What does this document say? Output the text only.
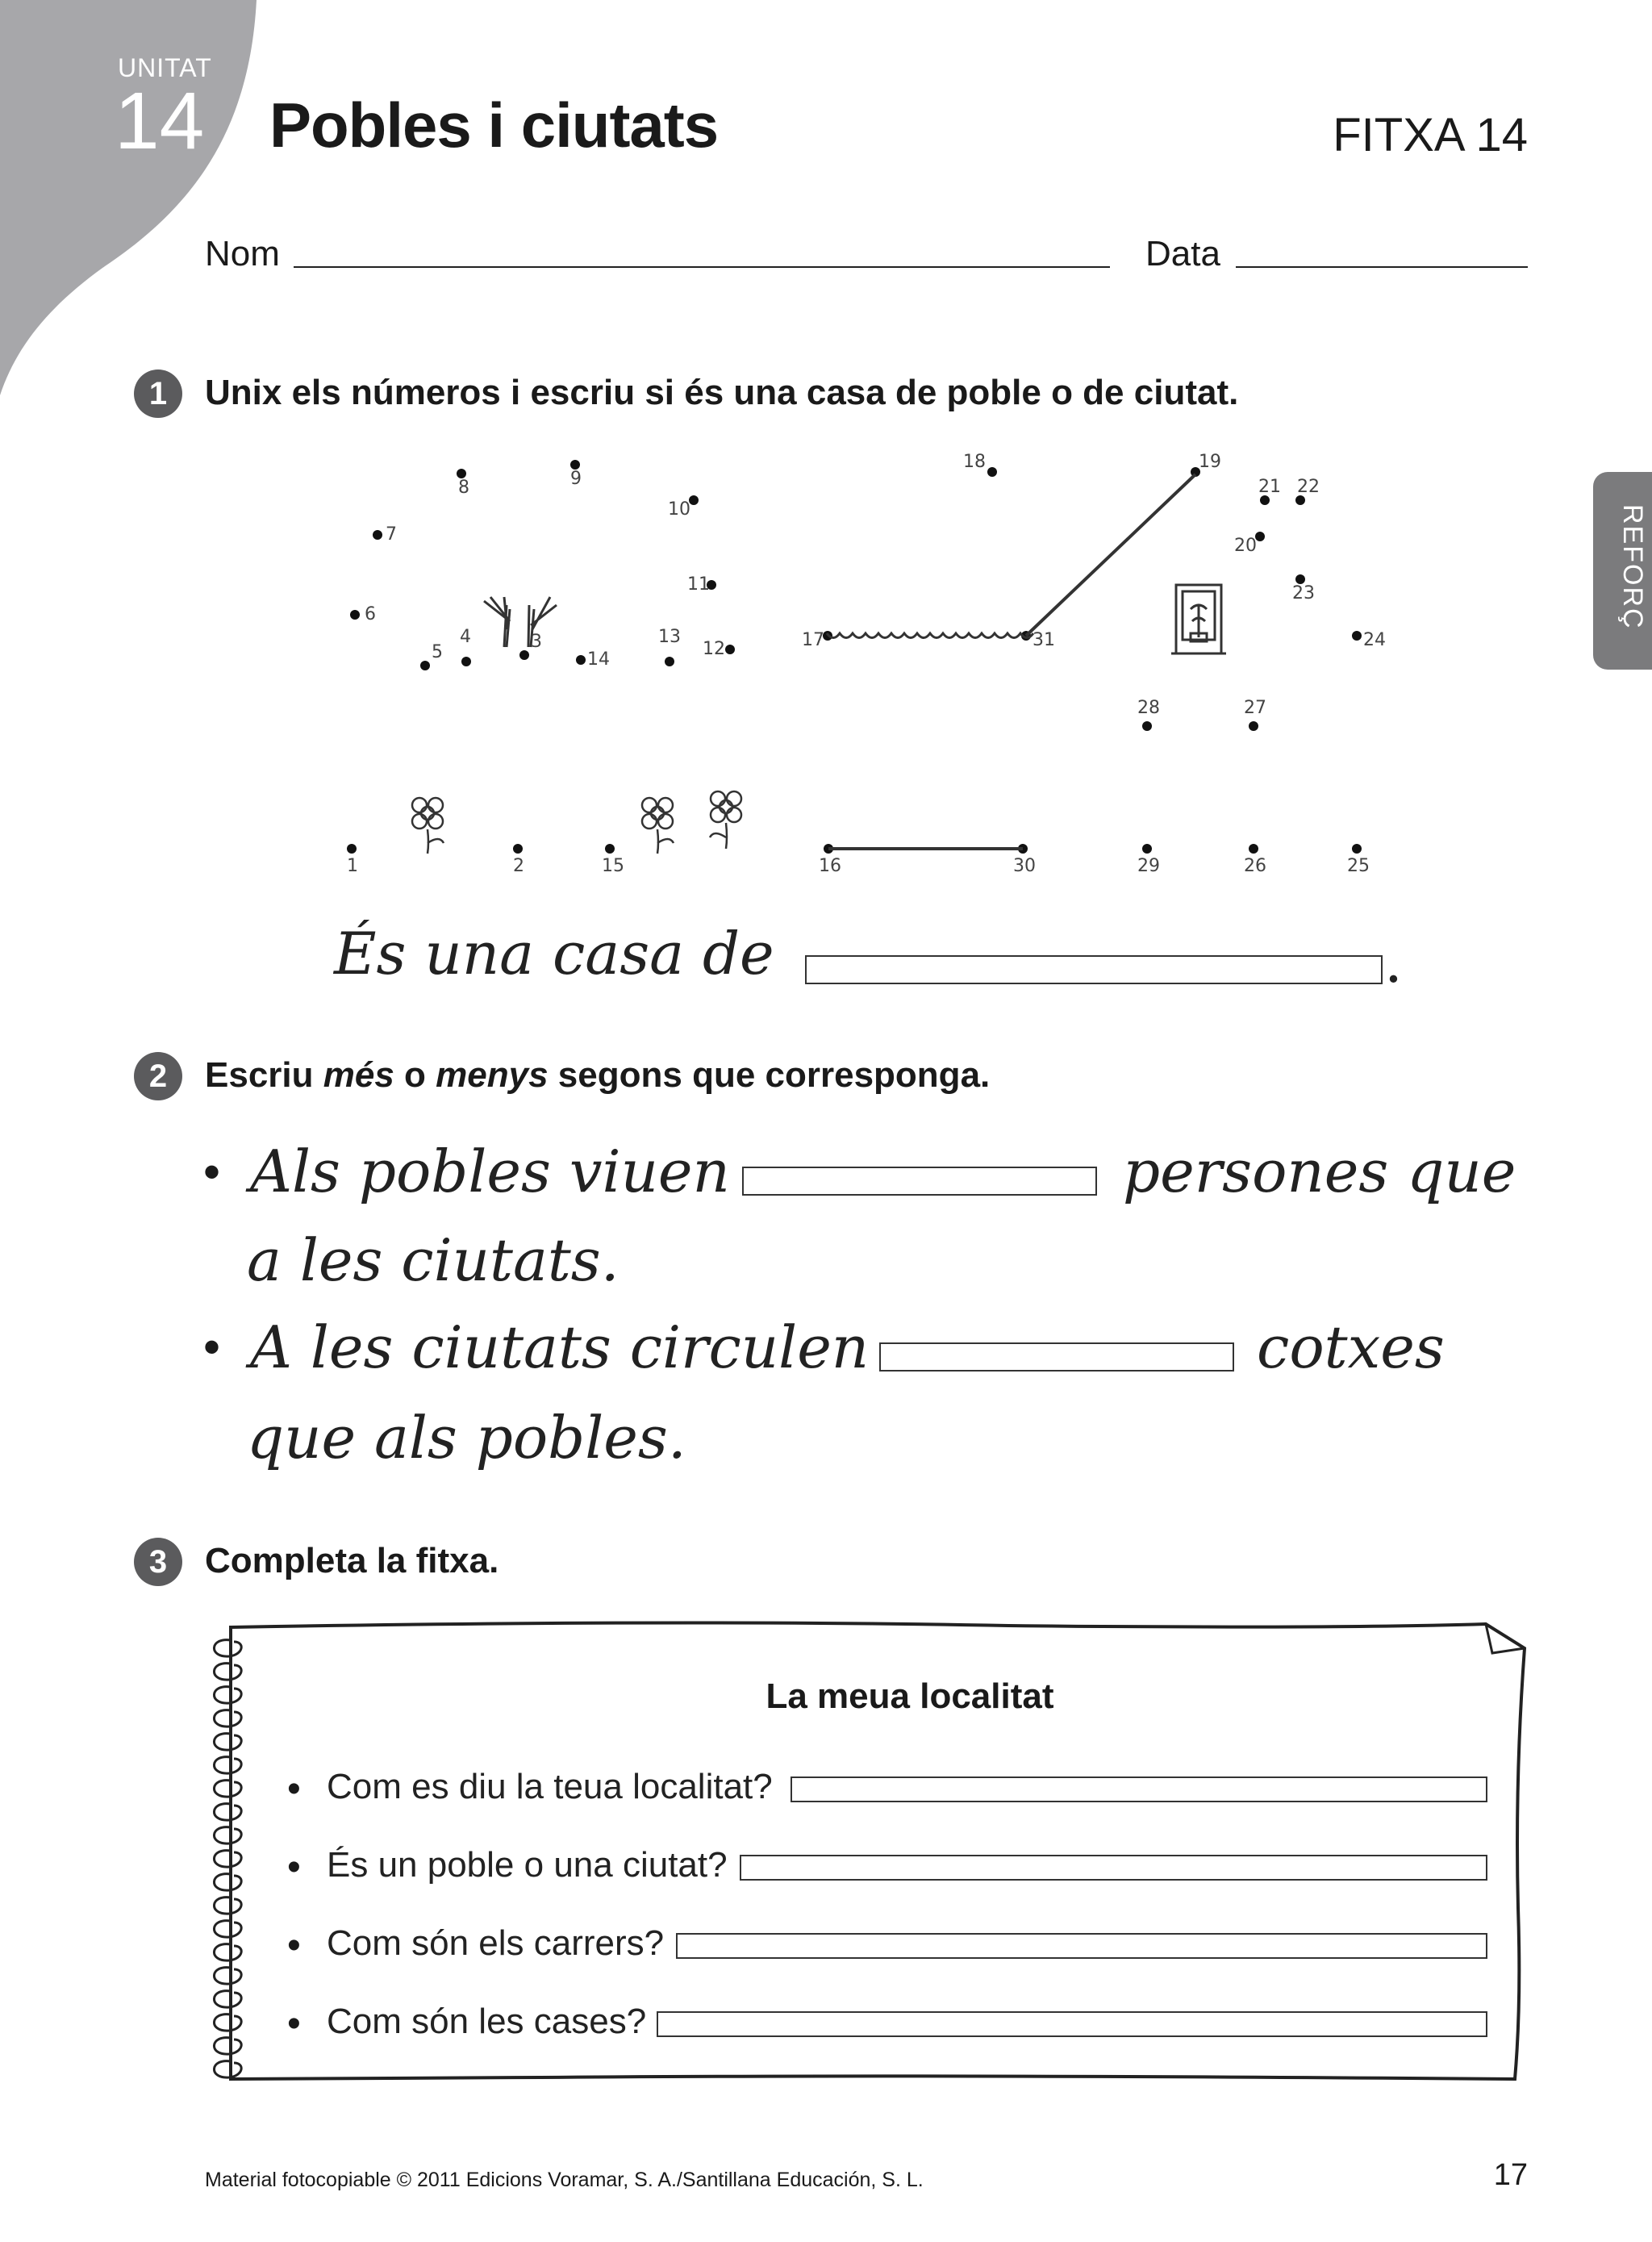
UNITAT
14 Pobles i ciutats	FITXA 14
Nom	Data
REFORÇ
1	Unix els números i escriu si és una casa de poble o de ciutat.
1	2
3
4
5
6
7
8	9
10
11
12
13
14
15	16
17
18	19
20
21 22
23
24
25
26
27
28
29
30
31
És una casa de	.
2	Escriu més o menys segons que corresponga.
• Als pobles viuen	persones que
a les ciutats.
• A les ciutats circulen	cotxes
que als pobles.
3	Completa la fitxa.
La meua localitat
• Com es diu la teua localitat?
• És un poble o una ciutat?
• Com són els carrers?
• Com són les cases?
Material fotocopiable © 2011 Edicions Voramar, S. A./Santillana Educación, S. L.	17
